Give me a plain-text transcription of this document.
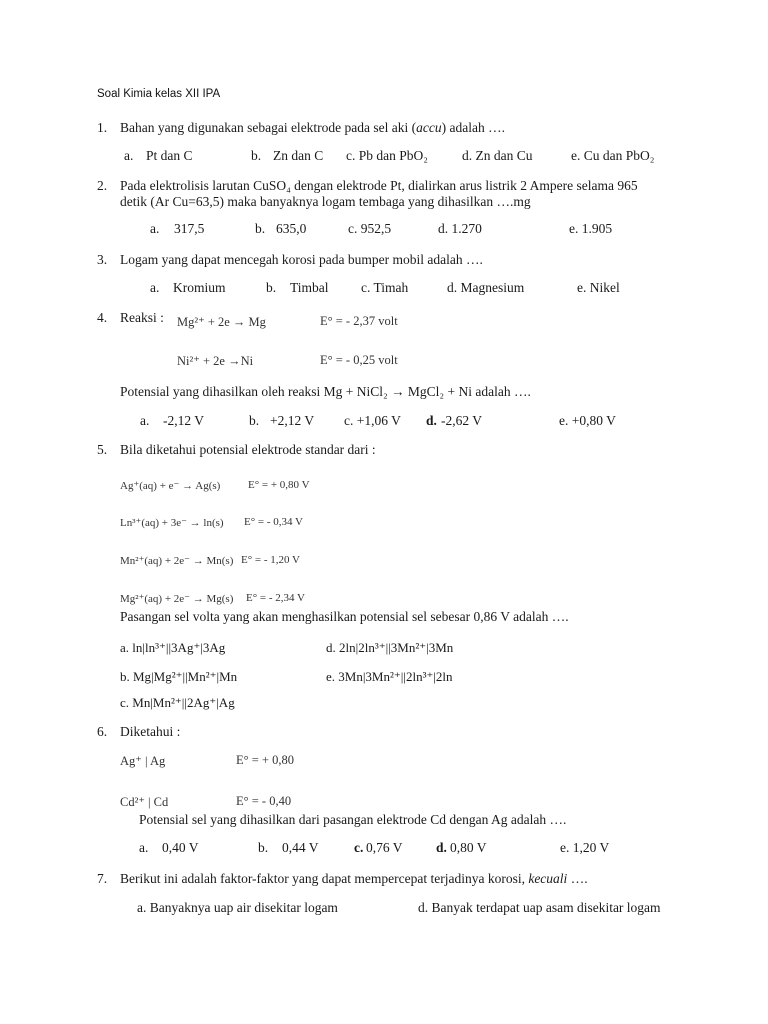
Soal Kimia kelas XII IPA
1. Bahan yang digunakan sebagai elektrode pada sel aki (accu) adalah ….
a. Pt dan C	b. Zn dan C c. Pb dan PbO₂	d. Zn dan Cu	e. Cu dan PbO₂
2. Pada elektrolisis larutan CuSO₄ dengan elektrode Pt, dialirkan arus listrik 2 Ampere selama 965
detik (Ar Cu=63,5) maka banyaknya logam tembaga yang dihasilkan ….mg
a. 317,5	b. 635,0	c. 952,5	d. 1.270	e. 1.905
3. Logam yang dapat mencegah korosi pada bumper mobil adalah ….
a. Kromium	b. Timbal c. Timah	d. Magnesium	e. Nikel
4. Reaksi : Mg²⁺ + 2e → Mg	E° = - 2,37 volt
Ni²⁺ + 2e →Ni	E° = - 0,25 volt
Potensial yang dihasilkan oleh reaksi Mg + NiCl₂ → MgCl₂ + Ni adalah ….
a. -2,12 V	b. +2,12 V c. +1,06 V d. -2,62 V	e. +0,80 V
5. Bila diketahui potensial elektrode standar dari :
Ag⁺(aq) + e⁻ → Ag(s)	E° = + 0,80 V
Ln³⁺(aq) + 3e⁻ → ln(s) E° = - 0,34 V
Mn²⁺(aq) + 2e⁻ → Mn(s) E° = - 1,20 V
Mg²⁺(aq) + 2e⁻ → Mg(s) E° = - 2,34 V
Pasangan sel volta yang akan menghasilkan potensial sel sebesar 0,86 V adalah ….
a. ln|ln³⁺||3Ag⁺|3Ag	d. 2ln|2ln³⁺||3Mn²⁺|3Mn
b. Mg|Mg²⁺||Mn²⁺|Mn	e. 3Mn|3Mn²⁺||2ln³⁺|2ln
c. Mn|Mn²⁺||2Ag⁺|Ag
6. Diketahui :
Ag⁺ | Ag	E° = + 0,80
Cd²⁺ | Cd	E° = - 0,40
Potensial sel yang dihasilkan dari pasangan elektrode Cd dengan Ag adalah ….
a. 0,40 V	b. 0,44 V	c. 0,76 V d. 0,80 V	e. 1,20 V
7. Berikut ini adalah faktor-faktor yang dapat mempercepat terjadinya korosi, kecuali ….
a. Banyaknya uap air disekitar logam	d. Banyak terdapat uap asam disekitar logam
